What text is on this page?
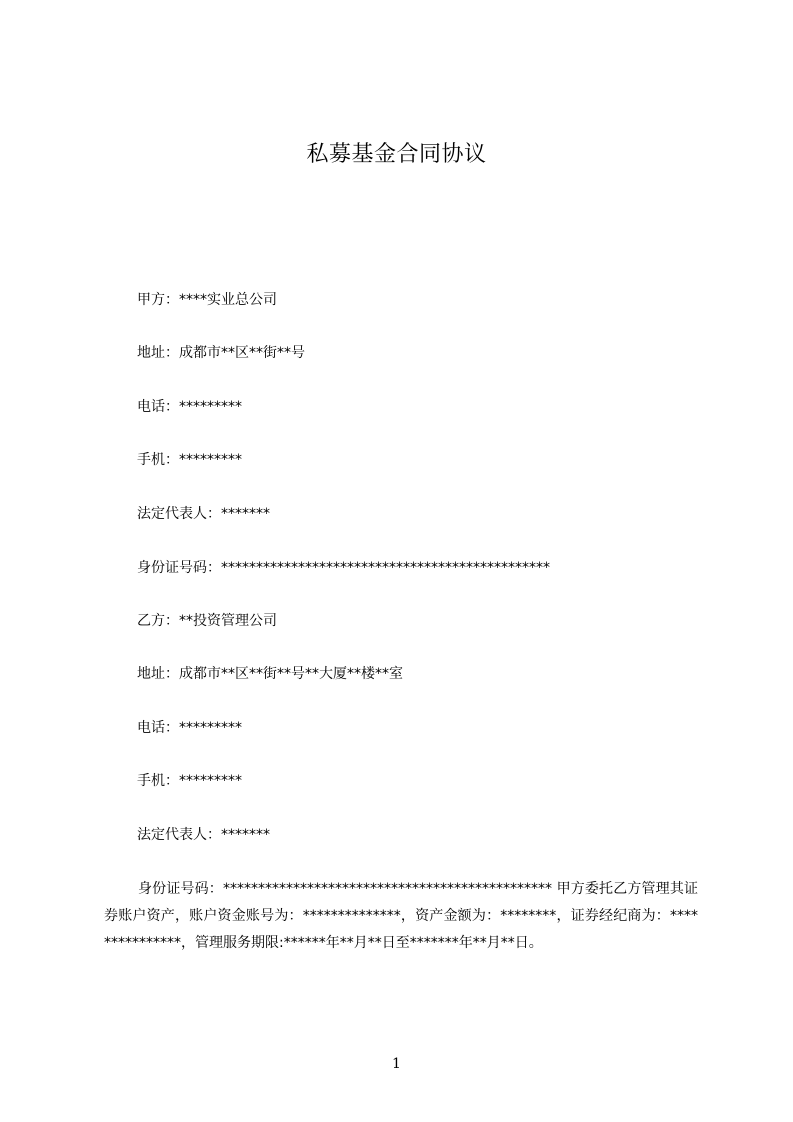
私募基金合同协议
甲方：****实业总公司
地址：成都市**区**街**号
电话：*********
手机：*********
法定代表人：*******
身份证号码：***********************************************
乙方：**投资管理公司
地址：成都市**区**街**号**大厦**楼**室
电话：*********
手机：*********
法定代表人：*******
身份证号码：*********************************************** 甲方委托乙方管理其证券账户资产，账户资金账号为：**************，资产金额为：********，证券经纪商为：***************，管理服务期限:******年**月**日至*******年**月**日。
1
